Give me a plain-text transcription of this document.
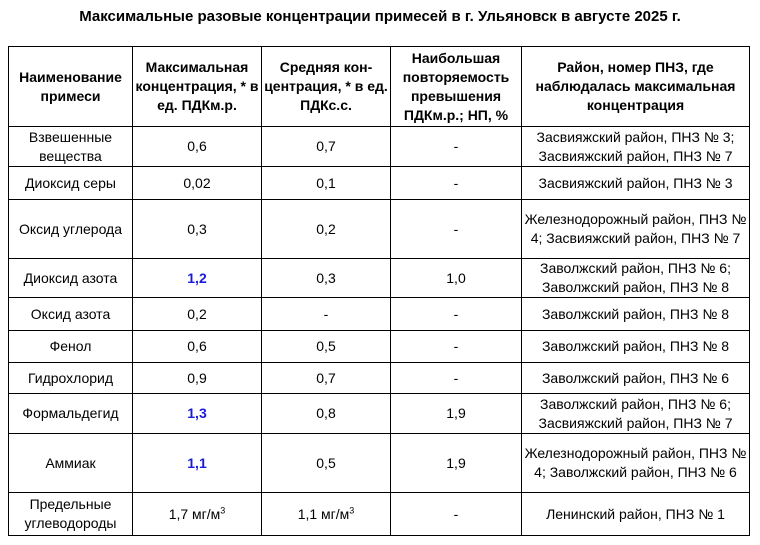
Максимальные разовые концентрации примесей в г. Ульяновск в августе 2025 г.
Наименование примеси	Максимальная концентрация, * в ед. ПДКм.р.	Средняя кон-центрация, * в ед. ПДКс.с.	Наибольшая повторяемость превышения ПДКм.р.; НП, %	Район, номер ПНЗ, где наблюдалась максимальная концентрация
Взвешенные вещества	0,6	0,7	-	Засвияжский район, ПНЗ № 3; Засвияжский район, ПНЗ № 7
Диоксид серы	0,02	0,1	-	Засвияжский район, ПНЗ № 3
Оксид углерода	0,3	0,2	-	Железнодорожный район, ПНЗ № 4; Засвияжский район, ПНЗ № 7
Диоксид азота	1,2	0,3	1,0	Заволжский район, ПНЗ № 6; Заволжский район, ПНЗ № 8
Оксид азота	0,2	-	-	Заволжский район, ПНЗ № 8
Фенол	0,6	0,5	-	Заволжский район, ПНЗ № 8
Гидрохлорид	0,9	0,7	-	Заволжский район, ПНЗ № 6
Формальдегид	1,3	0,8	1,9	Заволжский район, ПНЗ № 6; Засвияжский район, ПНЗ № 7
Аммиак	1,1	0,5	1,9	Железнодорожный район, ПНЗ № 4; Заволжский район, ПНЗ № 6
Предельные углеводороды	1,7 $мг/м^3$	1,1 $мг/м^3$	-	Ленинский район, ПНЗ № 1
